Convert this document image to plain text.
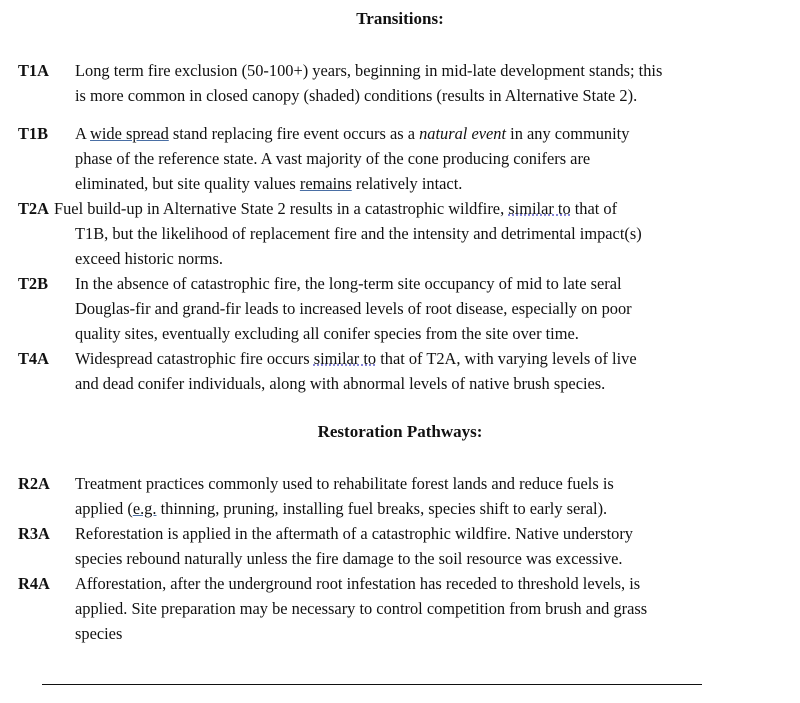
Transitions:
T1A Long term fire exclusion (50-100+) years, beginning in mid-late development stands; this
is more common in closed canopy (shaded) conditions (results in Alternative State 2).
T1B A wide spread stand replacing fire event occurs as a natural event in any community
phase of the reference state. A vast majority of the cone producing conifers are
eliminated, but site quality values remains relatively intact.
T2A Fuel build-up in Alternative State 2 results in a catastrophic wildfire, similar to that of
T1B, but the likelihood of replacement fire and the intensity and detrimental impact(s)
exceed historic norms.
T2B In the absence of catastrophic fire, the long-term site occupancy of mid to late seral
Douglas-fir and grand-fir leads to increased levels of root disease, especially on poor
quality sites, eventually excluding all conifer species from the site over time.
T4A Widespread catastrophic fire occurs similar to that of T2A, with varying levels of live
and dead conifer individuals, along with abnormal levels of native brush species.
Restoration Pathways:
R2A Treatment practices commonly used to rehabilitate forest lands and reduce fuels is
applied (e.g. thinning, pruning, installing fuel breaks, species shift to early seral).
R3A Reforestation is applied in the aftermath of a catastrophic wildfire. Native understory
species rebound naturally unless the fire damage to the soil resource was excessive.
R4A Afforestation, after the underground root infestation has receded to threshold levels, is
applied. Site preparation may be necessary to control competition from brush and grass
species
